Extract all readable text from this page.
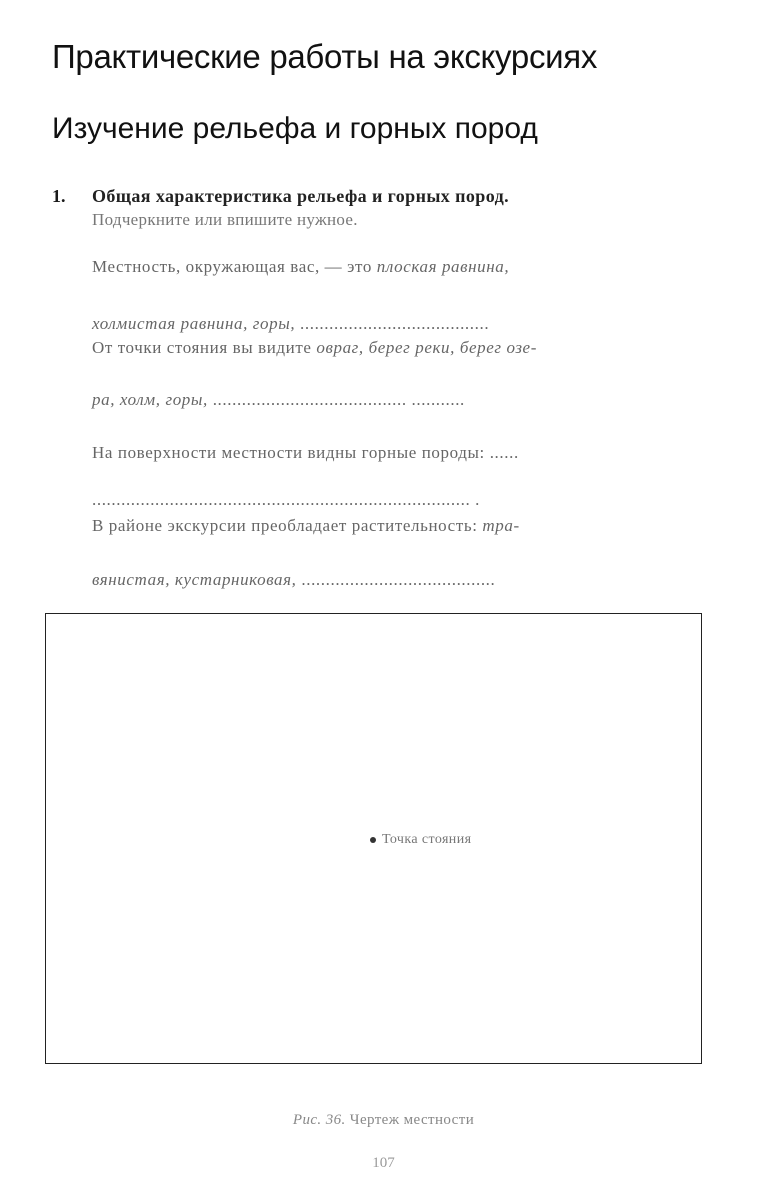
Практические работы на экскурсиях
Изучение рельефа и горных пород
1. Общая характеристика рельефа и горных пород.
Подчеркните или впишите нужное.
Местность, окружающая вас, — это плоская равнина,
холмистая равнина, горы, .......................................
От точки стояния вы видите овраг, берег реки, берег озе-
ра, холм, горы, ........................................ ...........
На поверхности местности видны горные породы: ......
.............................................................................. .
В районе экскурсии преобладает растительность: тра-
вянистая, кустарниковая, ........................................
Точка стояния
Рис. 36. Чертеж местности
107
